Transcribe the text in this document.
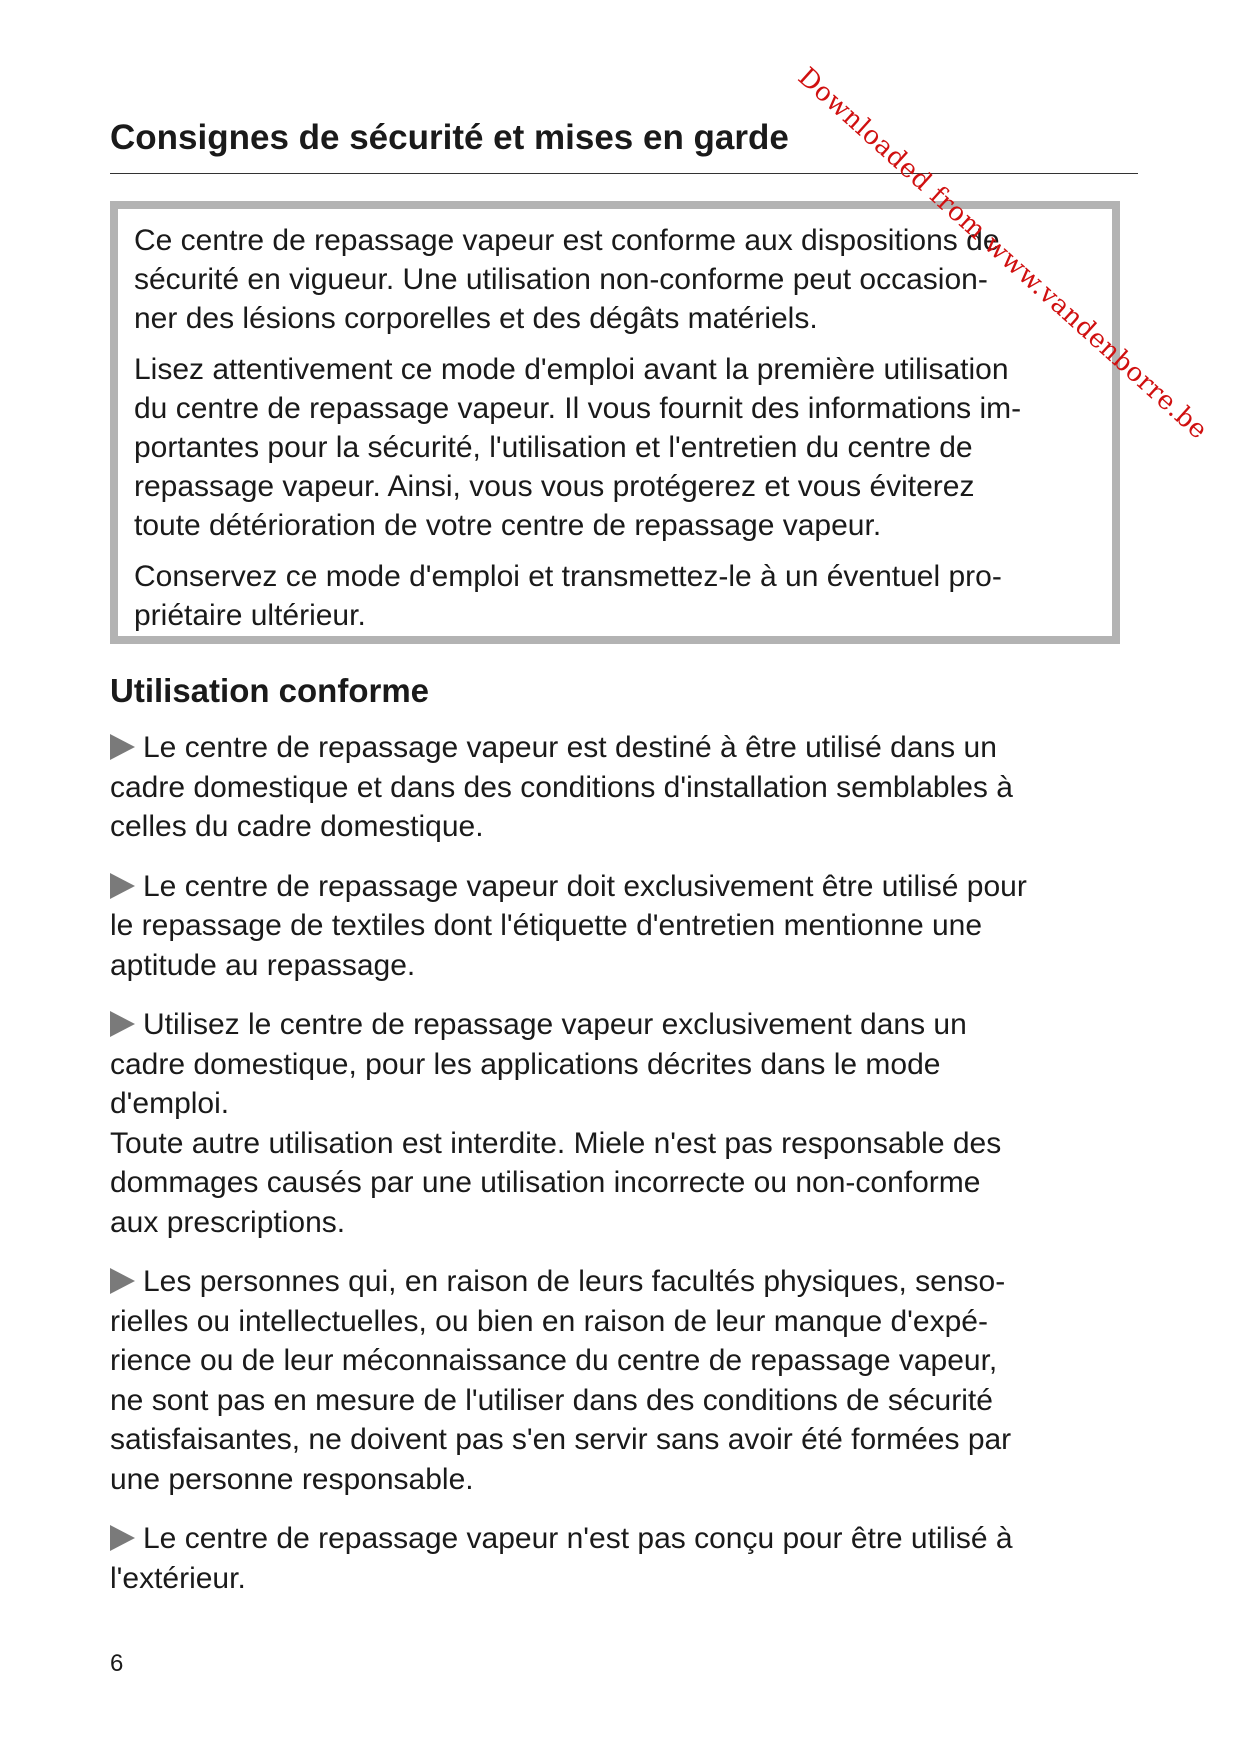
Consignes de sécurité et mises en garde

Ce centre de repassage vapeur est conforme aux dispositions de
sécurité en vigueur. Une utilisation non-conforme peut occasion-
ner des lésions corporelles et des dégâts matériels.

Lisez attentivement ce mode d'emploi avant la première utilisation
du centre de repassage vapeur. Il vous fournit des informations im-
portantes pour la sécurité, l'utilisation et l'entretien du centre de
repassage vapeur. Ainsi, vous vous protégerez et vous éviterez
toute détérioration de votre centre de repassage vapeur.

Conservez ce mode d'emploi et transmettez-le à un éventuel pro-
priétaire ultérieur.

Utilisation conforme
Le centre de repassage vapeur est destiné à être utilisé dans un
cadre domestique et dans des conditions d'installation semblables à
celles du cadre domestique.
Le centre de repassage vapeur doit exclusivement être utilisé pour
le repassage de textiles dont l'étiquette d'entretien mentionne une
aptitude au repassage.
Utilisez le centre de repassage vapeur exclusivement dans un
cadre domestique, pour les applications décrites dans le mode
d'emploi.
Toute autre utilisation est interdite. Miele n'est pas responsable des
dommages causés par une utilisation incorrecte ou non-conforme
aux prescriptions.
Les personnes qui, en raison de leurs facultés physiques, senso-
rielles ou intellectuelles, ou bien en raison de leur manque d'expé-
rience ou de leur méconnaissance du centre de repassage vapeur,
ne sont pas en mesure de l'utiliser dans des conditions de sécurité
satisfaisantes, ne doivent pas s'en servir sans avoir été formées par
une personne responsable.
Le centre de repassage vapeur n'est pas conçu pour être utilisé à
l'extérieur.
6
Downloaded from www.vandenborre.be
